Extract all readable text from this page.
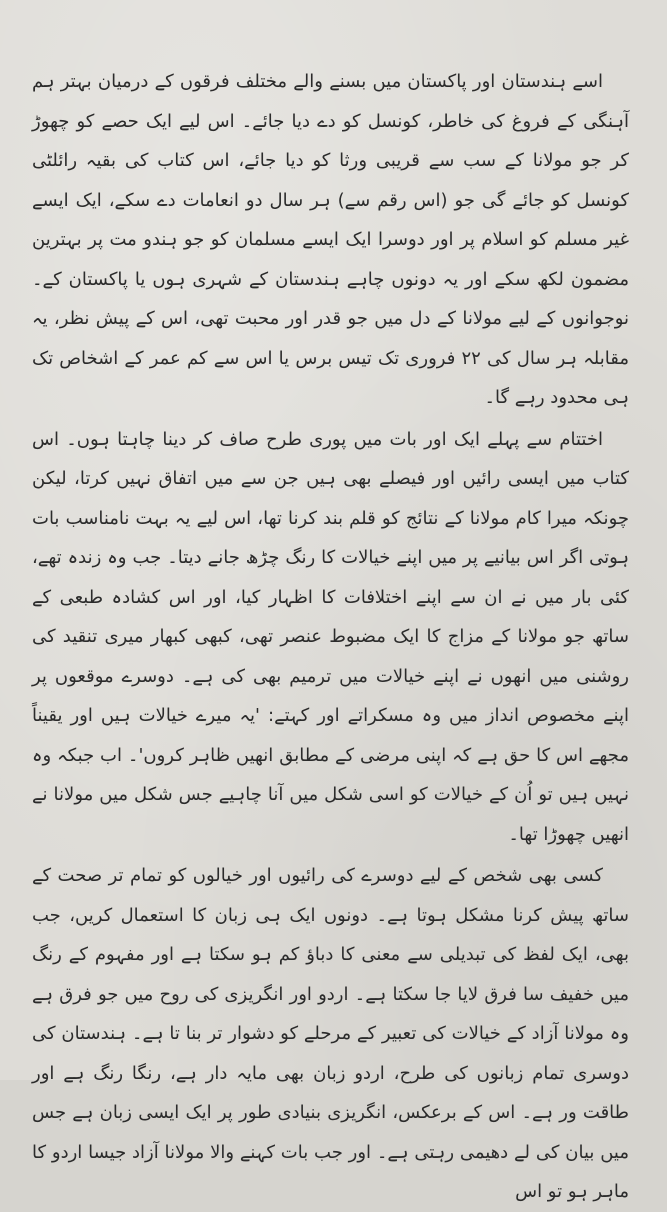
اسے ہندستان اور پاکستان میں بسنے والے مختلف فرقوں کے درمیان بہتر ہم آہنگی کے فروغ کی خاطر، کونسل کو دے دیا جائے۔ اس لیے ایک حصے کو چھوڑ کر جو مولانا کے سب سے قریبی ورثا کو دیا جائے، اس کتاب کی بقیہ رائلٹی کونسل کو جائے گی جو (اس رقم سے) ہر سال دو انعامات دے سکے، ایک ایسے غیر مسلم کو اسلام پر اور دوسرا ایک ایسے مسلمان کو جو ہندو مت پر بہترین مضمون لکھ سکے اور یہ دونوں چاہے ہندستان کے شہری ہوں یا پاکستان کے۔ نوجوانوں کے لیے مولانا کے دل میں جو قدر اور محبت تھی، اس کے پیش نظر، یہ مقابلہ ہر سال کی ۲۲ فروری تک تیس برس یا اس سے کم عمر کے اشخاص تک ہی محدود رہے گا۔

اختتام سے پہلے ایک اور بات میں پوری طرح صاف کر دینا چاہتا ہوں۔ اس کتاب میں ایسی رائیں اور فیصلے بھی ہیں جن سے میں اتفاق نہیں کرتا، لیکن چونکہ میرا کام مولانا کے نتائج کو قلم بند کرنا تھا، اس لیے یہ بہت نامناسب بات ہوتی اگر اس بیانیے پر میں اپنے خیالات کا رنگ چڑھ جانے دیتا۔ جب وہ زندہ تھے، کئی بار میں نے ان سے اپنے اختلافات کا اظہار کیا، اور اس کشادہ طبعی کے ساتھ جو مولانا کے مزاج کا ایک مضبوط عنصر تھی، کبھی کبھار میری تنقید کی روشنی میں انھوں نے اپنے خیالات میں ترمیم بھی کی ہے۔ دوسرے موقعوں پر اپنے مخصوص انداز میں وہ مسکراتے اور کہتے: 'یہ میرے خیالات ہیں اور یقیناً مجھے اس کا حق ہے کہ اپنی مرضی کے مطابق انھیں ظاہر کروں'۔ اب جبکہ وہ نہیں ہیں تو اُن کے خیالات کو اسی شکل میں آنا چاہیے جس شکل میں مولانا نے انھیں چھوڑا تھا۔

کسی بھی شخص کے لیے دوسرے کی رائیوں اور خیالوں کو تمام تر صحت کے ساتھ پیش کرنا مشکل ہوتا ہے۔ دونوں ایک ہی زبان کا استعمال کریں، جب بھی، ایک لفظ کی تبدیلی سے معنی کا دباؤ کم ہو سکتا ہے اور مفہوم کے رنگ میں خفیف سا فرق لایا جا سکتا ہے۔ اردو اور انگریزی کی روح میں جو فرق ہے وہ مولانا آزاد کے خیالات کی تعبیر کے مرحلے کو دشوار تر بنا تا ہے۔ ہندستان کی دوسری تمام زبانوں کی طرح، اردو زبان بھی مایہ دار ہے، رنگا رنگ ہے اور طاقت ور ہے۔ اس کے برعکس، انگریزی بنیادی طور پر ایک ایسی زبان ہے جس میں بیان کی لے دھیمی رہتی ہے۔ اور جب بات کہنے والا مولانا آزاد جیسا اردو کا ماہر ہو تو اس
